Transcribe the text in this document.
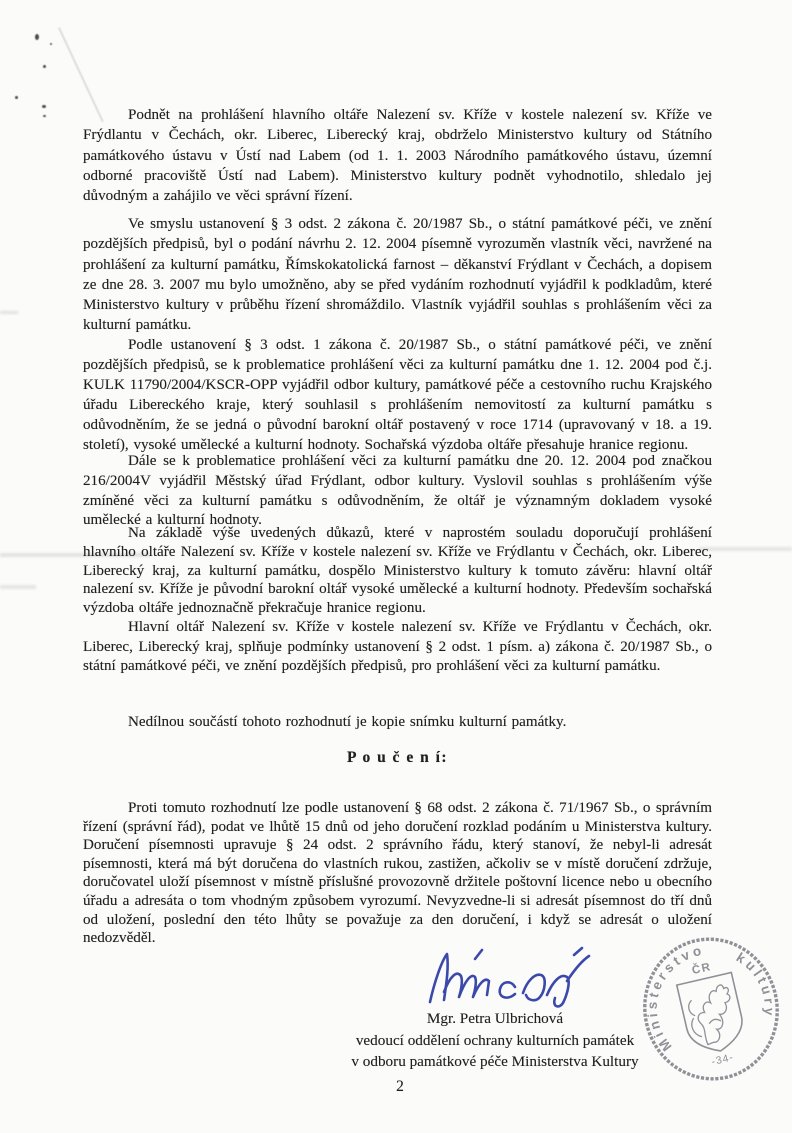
Podnět na prohlášení hlavního oltáře Nalezení sv. Kříže v kostele nalezení sv. Kříže ve Frýdlantu v Čechách, okr. Liberec, Liberecký kraj, obdrželo Ministerstvo kultury od Státního památkového ústavu v Ústí nad Labem (od 1. 1. 2003 Národního památkového ústavu, územní odborné pracoviště Ústí nad Labem). Ministerstvo kultury podnět vyhodnotilo, shledalo jej důvodným a zahájilo ve věci správní řízení.

Ve smyslu ustanovení § 3 odst. 2 zákona č. 20/1987 Sb., o státní památkové péči, ve znění pozdějších předpisů, byl o podání návrhu 2. 12. 2004 písemně vyrozuměn vlastník věci, navržené na prohlášení za kulturní památku, Římskokatolická farnost – děkanství Frýdlant v Čechách, a dopisem ze dne 28. 3. 2007 mu bylo umožněno, aby se před vydáním rozhodnutí vyjádřil k podkladům, které Ministerstvo kultury v průběhu řízení shromáždilo. Vlastník vyjádřil souhlas s prohlášením věci za kulturní památku.

Podle ustanovení § 3 odst. 1 zákona č. 20/1987 Sb., o státní památkové péči, ve znění pozdějších předpisů, se k problematice prohlášení věci za kulturní památku dne 1. 12. 2004 pod č.j. KULK 11790/2004/KSCR-OPP vyjádřil odbor kultury, památkové péče a cestovního ruchu Krajského úřadu Libereckého kraje, který souhlasil s prohlášením nemovitostí za kulturní památku s odůvodněním, že se jedná o původní barokní oltář postavený v roce 1714 (upravovaný v 18. a 19. století), vysoké umělecké a kulturní hodnoty. Sochařská výzdoba oltáře přesahuje hranice regionu.

Dále se k problematice prohlášení věci za kulturní památku dne 20. 12. 2004 pod značkou 216/2004V vyjádřil Městský úřad Frýdlant, odbor kultury. Vyslovil souhlas s prohlášením výše zmíněné věci za kulturní památku s odůvodněním, že oltář je významným dokladem vysoké umělecké a kulturní hodnoty.

Na základě výše uvedených důkazů, které v naprostém souladu doporučují prohlášení hlavního oltáře Nalezení sv. Kříže v kostele nalezení sv. Kříže ve Frýdlantu v Čechách, okr. Liberec, Liberecký kraj, za kulturní památku, dospělo Ministerstvo kultury k tomuto závěru: hlavní oltář nalezení sv. Kříže je původní barokní oltář vysoké umělecké a kulturní hodnoty. Především sochařská výzdoba oltáře jednoznačně překračuje hranice regionu.

Hlavní oltář Nalezení sv. Kříže v kostele nalezení sv. Kříže ve Frýdlantu v Čechách, okr. Liberec, Liberecký kraj, splňuje podmínky ustanovení § 2 odst. 1 písm. a) zákona č. 20/1987 Sb., o státní památkové péči, ve znění pozdějších předpisů, pro prohlášení věci za kulturní památku.

Nedílnou součástí tohoto rozhodnutí je kopie snímku kulturní památky.

P o u č e n í:

Proti tomuto rozhodnutí lze podle ustanovení § 68 odst. 2 zákona č. 71/1967 Sb., o správním řízení (správní řád), podat ve lhůtě 15 dnů od jeho doručení rozklad podáním u Ministerstva kultury. Doručení písemnosti upravuje § 24 odst. 2 správního řádu, který stanoví, že nebyl-li adresát písemnosti, která má být doručena do vlastních rukou, zastižen, ačkoliv se v místě doručení zdržuje, doručovatel uloží písemnost v místně příslušné provozovně držitele poštovní licence nebo u obecního úřadu a adresáta o tom vhodným způsobem vyrozumí. Nevyzvedne-li si adresát písemnost do tří dnů od uložení, poslední den této lhůty se považuje za den doručení, i když se adresát o uložení nedozvěděl.

Mgr. Petra Ulbrichová
vedoucí oddělení ochrany kulturních památek
v odboru památkové péče Ministerstva Kultury
Ministerstvo	kultury
ČR
-34-
2
